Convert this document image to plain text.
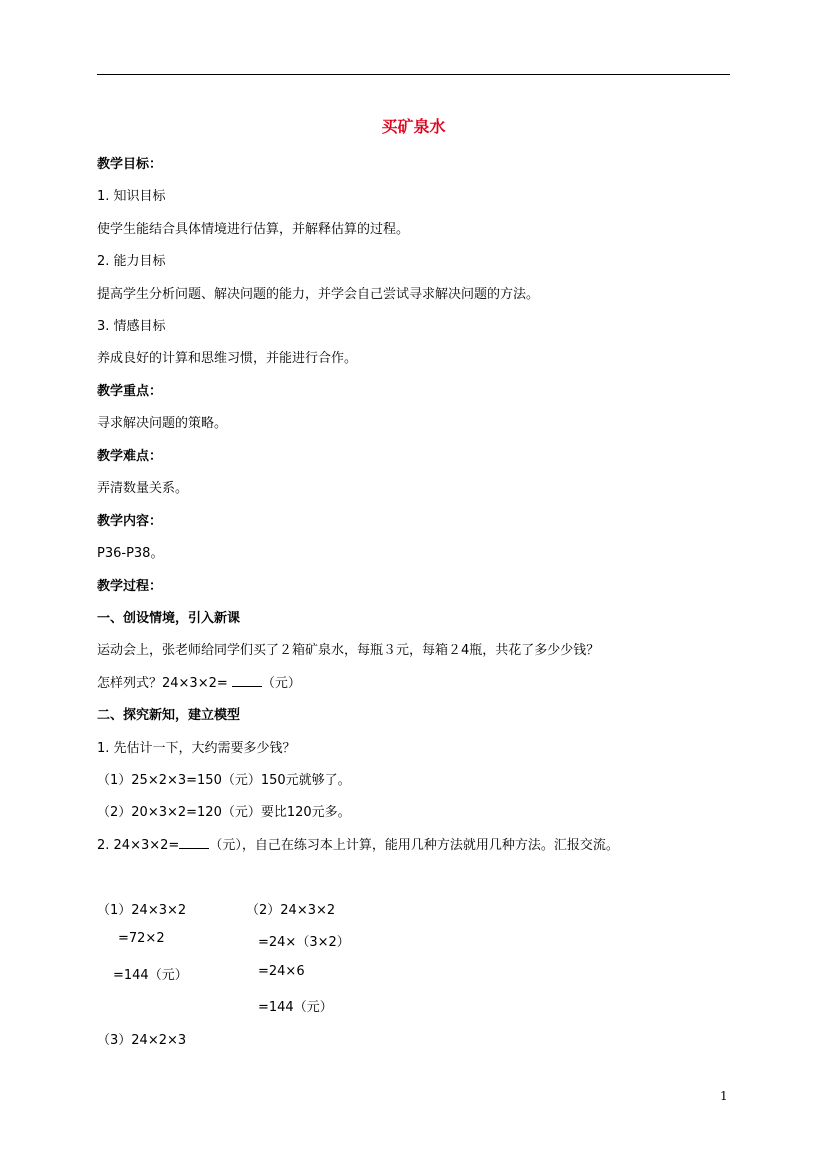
买矿泉水
教学目标：
1. 知识目标
使学生能结合具体情境进行估算，并解释估算的过程。
2. 能力目标
提高学生分析问题、解决问题的能力，并学会自己尝试寻求解决问题的方法。
3. 情感目标
养成良好的计算和思维习惯，并能进行合作。
教学重点：
寻求解决问题的策略。
教学难点：
弄清数量关系。
教学内容：
P36-P38。
教学过程：
一、创设情境，引入新课
运动会上，张老师给同学们买了２箱矿泉水，每瓶３元，每箱２4瓶，共花了多少少钱？
怎样列式？24×3×2= （元）
二、探究新知，建立模型
1. 先估计一下，大约需要多少钱？
（1）25×2×3=150（元）150元就够了。
（2）20×3×2=120（元）要比120元多。
2. 24×3×2= （元），自己在练习本上计算，能用几种方法就用几种方法。汇报交流。
（1）24×3×2
=72×2
=144（元）
（2）24×3×2
=24×（3×2）
=24×6
=144（元）
（3）24×2×3
1
